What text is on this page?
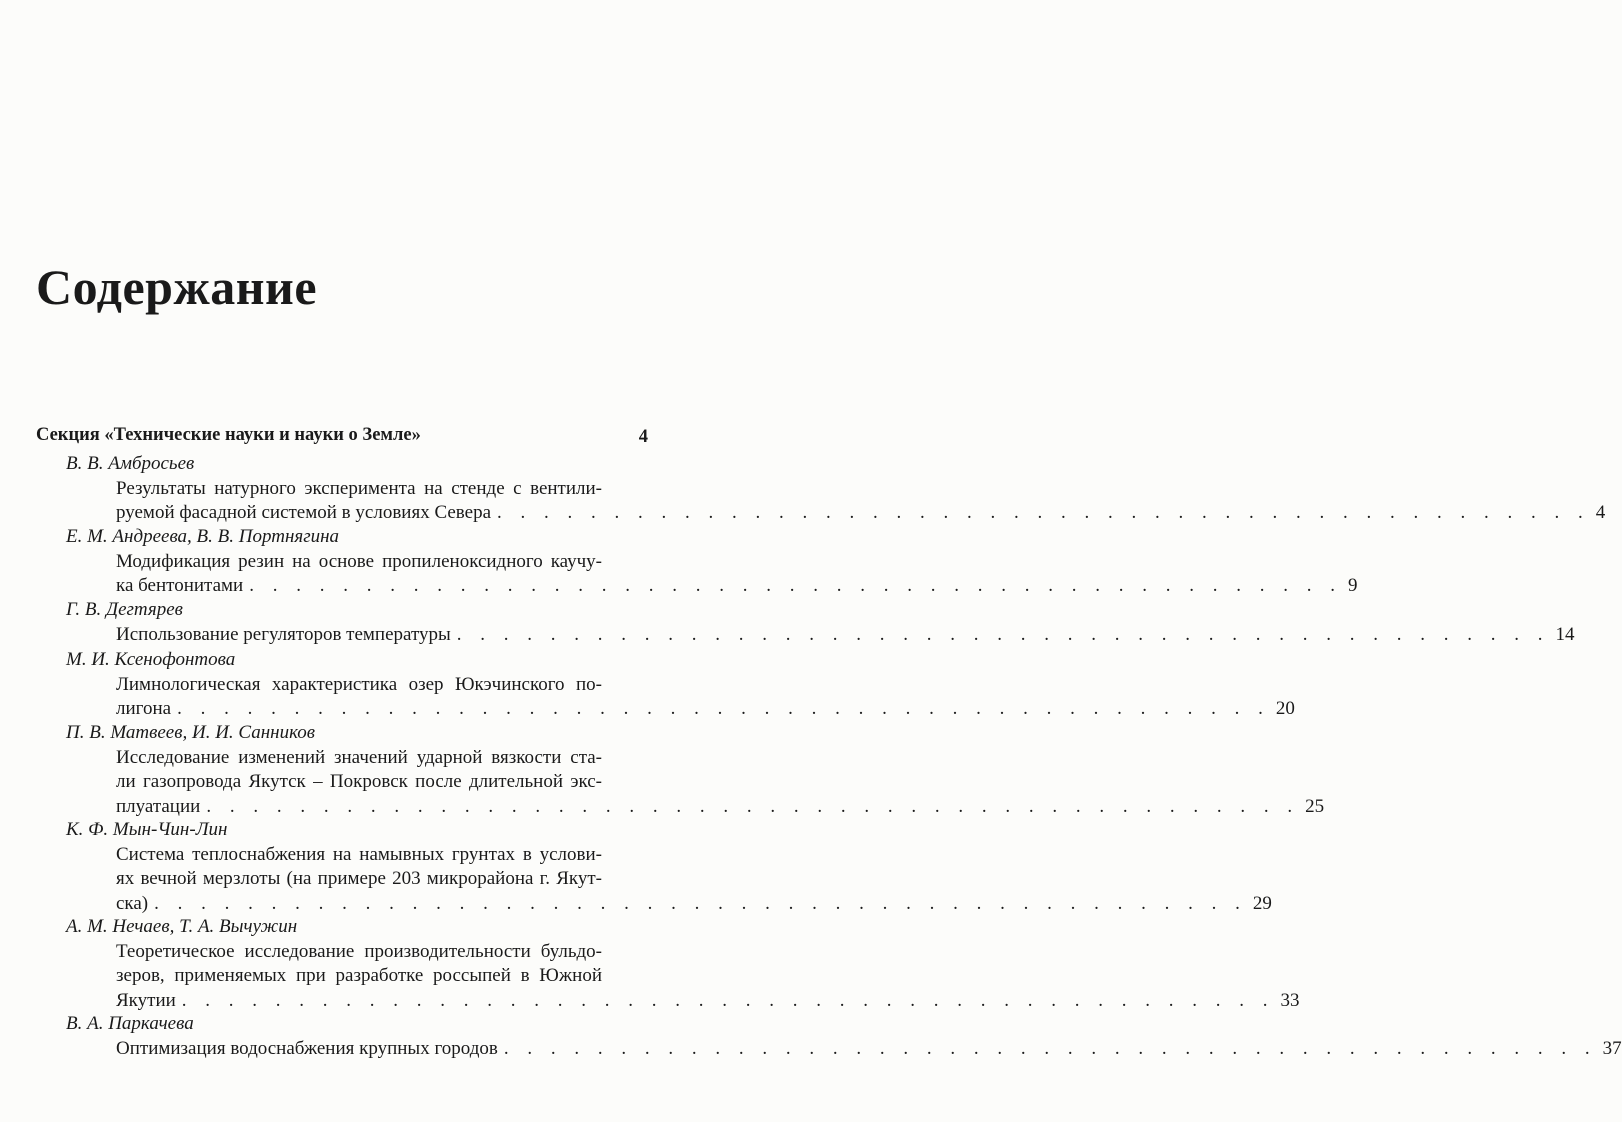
Содержание
Секция «Технические науки и науки о Земле»	4
В. В. Амбросьев
Результаты натурного эксперимента на стенде с вентили-
руемой фасадной системой в условиях Севера . . . . . . . . . . . . . . . . . . . . . . . . . . . . . . . . . . . . . . . . . . . . . . . 4
Е. М. Андреева, В. В. Портнягина
Модификация резин на основе пропиленоксидного каучу-
ка бентонитами . . . . . . . . . . . . . . . . . . . . . . . . . . . . . . . . . . . . . . . . . . . . . . . 9
Г. В. Дегтярев
Использование регуляторов температуры . . . . . . . . . . . . . . . . . . . . . . . . . . . . . . . . . . . . . . . . . . . . . . . 14
М. И. Ксенофонтова
Лимнологическая характеристика озер Юкэчинского по-
лигона . . . . . . . . . . . . . . . . . . . . . . . . . . . . . . . . . . . . . . . . . . . . . . . 20
П. В. Матвеев, И. И. Санников
Исследование изменений значений ударной вязкости ста-
ли газопровода Якутск – Покровск после длительной экс-
плуатации . . . . . . . . . . . . . . . . . . . . . . . . . . . . . . . . . . . . . . . . . . . . . . . 25
К. Ф. Мын-Чин-Лин
Система теплоснабжения на намывных грунтах в услови-
ях вечной мерзлоты (на примере 203 микрорайона г. Якут-
ска) . . . . . . . . . . . . . . . . . . . . . . . . . . . . . . . . . . . . . . . . . . . . . . . 29
А. М. Нечаев, Т. А. Вычужин
Теоретическое исследование производительности бульдо-
зеров, применяемых при разработке россыпей в Южной
Якутии . . . . . . . . . . . . . . . . . . . . . . . . . . . . . . . . . . . . . . . . . . . . . . . 33
В. А. Паркачева
Оптимизация водоснабжения крупных городов . . . . . . . . . . . . . . . . . . . . . . . . . . . . . . . . . . . . . . . . . . . . . . . 37
